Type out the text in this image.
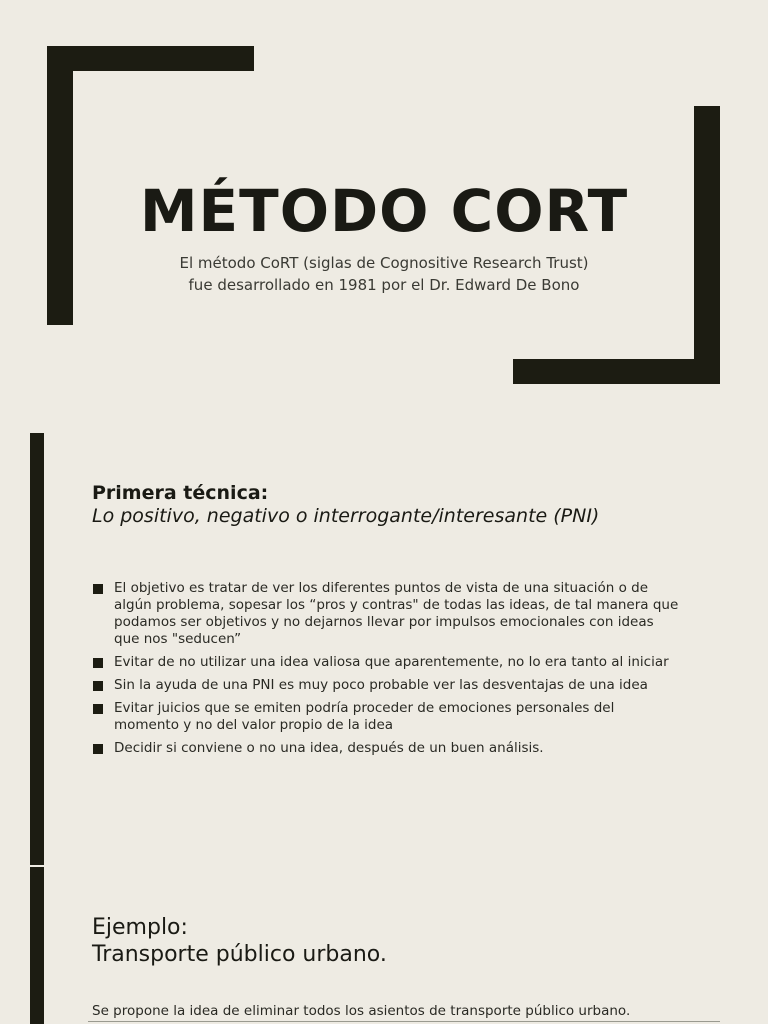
MÉTODO CORT
El método CoRT (siglas de Cognositive Research Trust) fue desarrollado en 1981 por el Dr. Edward De Bono
Primera técnica:
Lo positivo, negativo o interrogante/interesante (PNI)
El objetivo es tratar de ver los diferentes puntos de vista de una situación o de algún problema, sopesar los “pros y contras" de todas las ideas, de tal manera que podamos ser objetivos y no dejarnos llevar por impulsos emocionales con ideas que nos "seducen”
Evitar de no utilizar una idea valiosa que aparentemente, no lo era tanto al iniciar
Sin la ayuda de una PNI es muy poco probable ver las desventajas de una idea
Evitar juicios que se emiten podría proceder de emociones personales del momento y no del valor propio de la idea
Decidir si conviene o no una idea, después de un buen análisis.
Ejemplo:
Transporte público urbano.
Se propone la idea de eliminar todos los asientos de transporte público urbano.
